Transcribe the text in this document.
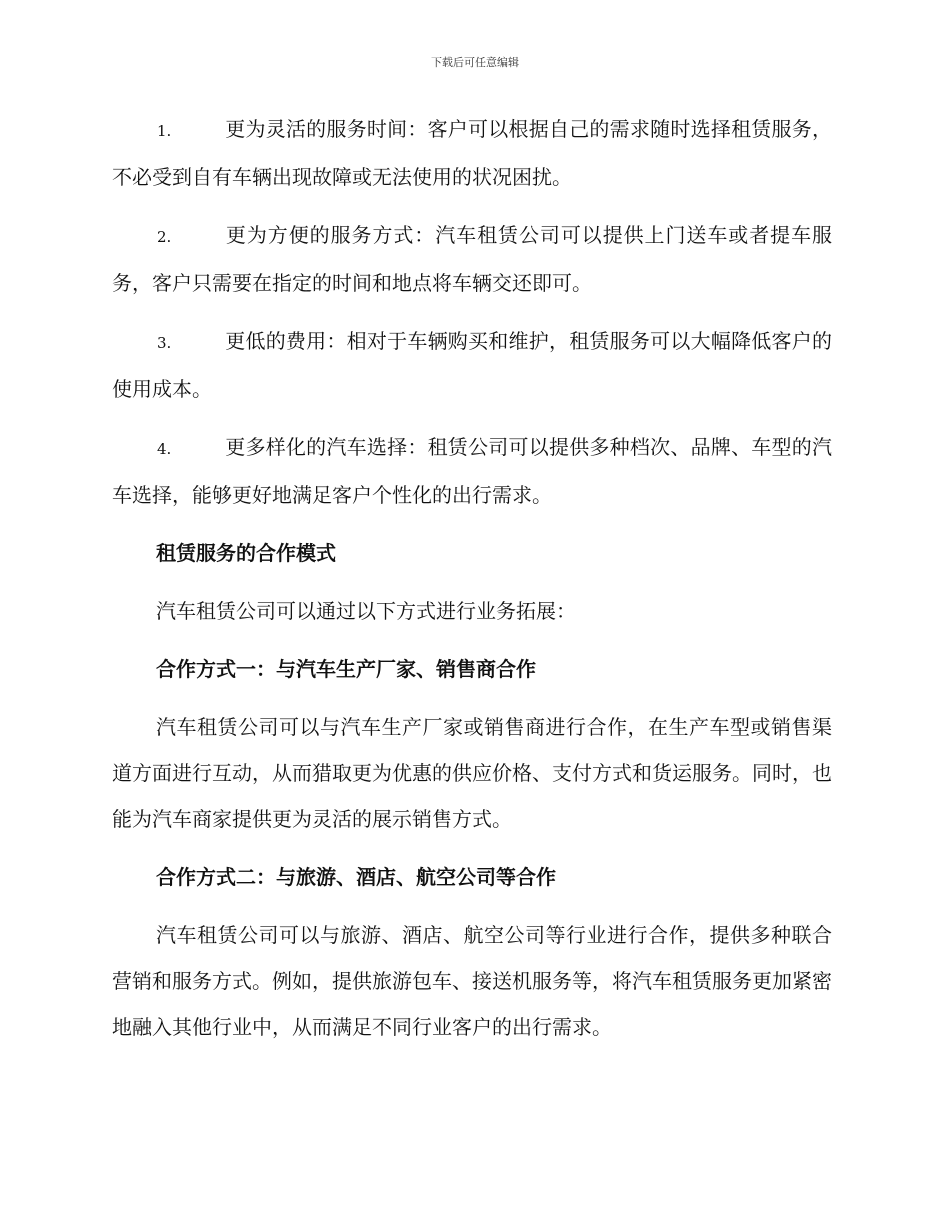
下载后可任意编辑

1.	更为灵活的服务时间：客户可以根据自己的需求随时选择租赁服务，不必受到自有车辆出现故障或无法使用的状况困扰。

2.	更为方便的服务方式：汽车租赁公司可以提供上门送车或者提车服务，客户只需要在指定的时间和地点将车辆交还即可。

3.	更低的费用：相对于车辆购买和维护，租赁服务可以大幅降低客户的使用成本。

4.	更多样化的汽车选择：租赁公司可以提供多种档次、品牌、车型的汽车选择，能够更好地满足客户个性化的出行需求。

租赁服务的合作模式

汽车租赁公司可以通过以下方式进行业务拓展：

合作方式一：与汽车生产厂家、销售商合作

汽车租赁公司可以与汽车生产厂家或销售商进行合作，在生产车型或销售渠道方面进行互动，从而猎取更为优惠的供应价格、支付方式和货运服务。同时，也能为汽车商家提供更为灵活的展示销售方式。

合作方式二：与旅游、酒店、航空公司等合作

汽车租赁公司可以与旅游、酒店、航空公司等行业进行合作，提供多种联合营销和服务方式。例如，提供旅游包车、接送机服务等，将汽车租赁服务更加紧密地融入其他行业中，从而满足不同行业客户的出行需求。
